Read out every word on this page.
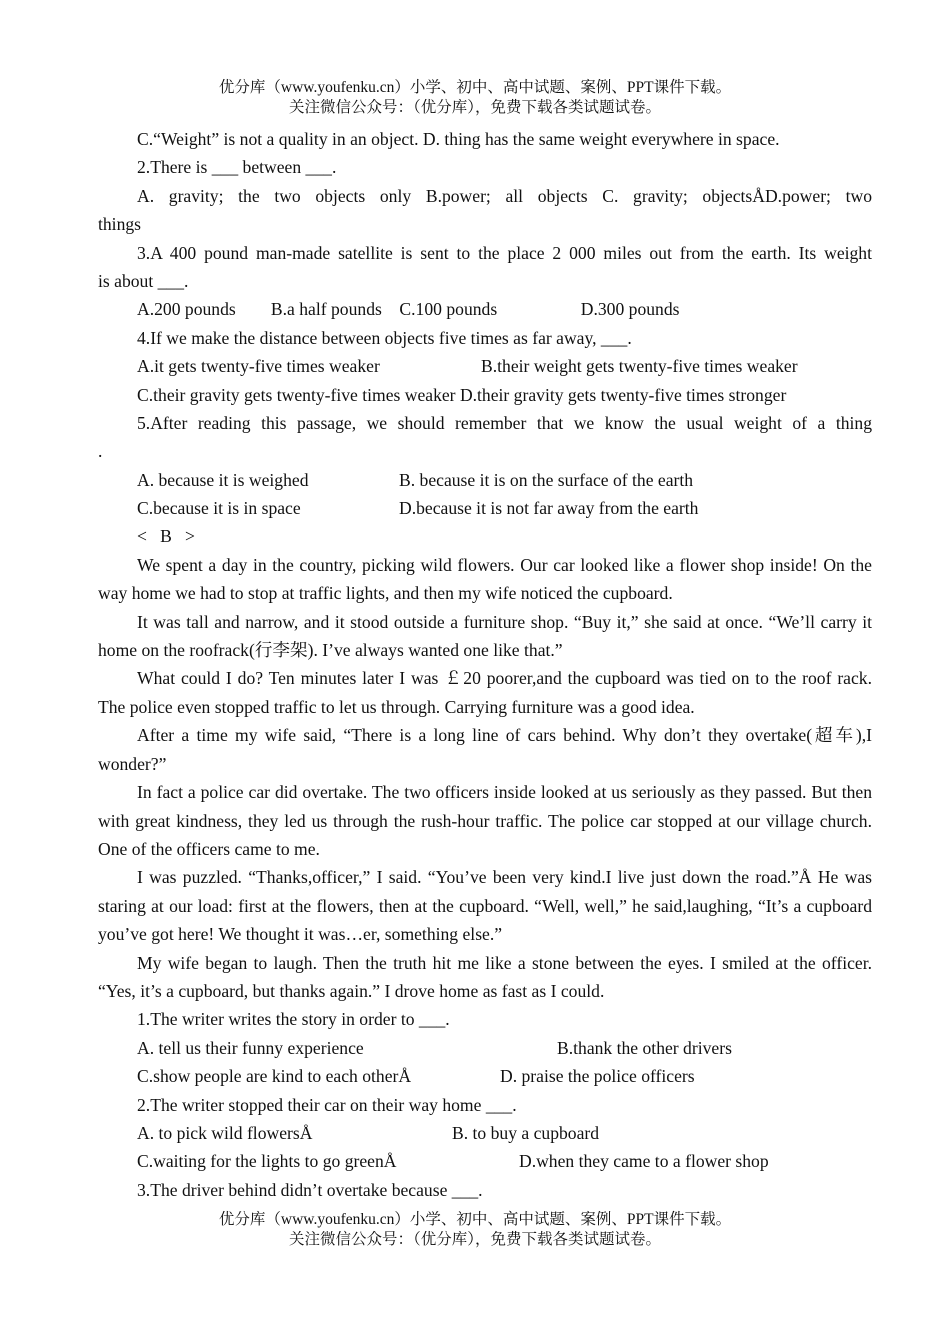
优分库（www.youfenku.cn）小学、初中、高中试题、案例、PPT课件下载。
关注微信公众号：（优分库），免费下载各类试题试卷。
C.“Weight” is not a quality in an object. D. thing has the same weight everywhere in space.
2.There is ___ between ___.
A. gravity; the two objects only B.power; all objects C. gravity; objectsÅD.power; two
things
3.A 400 pound man-made satellite is sent to the place 2 000 miles out from the earth. Its weight
is about ___.
A.200 pounds        B.a half pounds    C.100 pounds                   D.300 pounds
4.If we make the distance between objects five times as far away, ___.
A.it gets twenty-five times weaker	B.their weight gets twenty-five times weaker
C.their gravity gets twenty-five times weaker D.their gravity gets twenty-five times stronger
5.After reading this passage, we should remember that we know the usual weight of a thing
.
A. because it is weighed	B. because it is on the surface of the earth
C.because it is in space	D.because it is not far away from the earth
<   B   >
We spent a day in the country, picking wild flowers. Our car looked like a flower shop inside! On the way home we had to stop at traffic lights, and then my wife noticed the cupboard.
It was tall and narrow, and it stood outside a furniture shop. “Buy it,” she said at once. “We’ll carry it home on the roofrack(行李架). I’ve always wanted one like that.”
What could I do? Ten minutes later I was ￡20 poorer,and the cupboard was tied on to the roof rack. The police even stopped traffic to let us through. Carrying furniture was a good idea.
After a time my wife said, “There is a long line of cars behind. Why don’t they overtake(超车),I wonder?”
In fact a police car did overtake. The two officers inside looked at us seriously as they passed. But then with great kindness, they led us through the rush-hour traffic. The police car stopped at our village church. One of the officers came to me.
I was puzzled. “Thanks,officer,” I said. “You’ve been very kind.I live just down the road.”Å He was staring at our load: first at the flowers, then at the cupboard. “Well, well,” he said,laughing, “It’s a cupboard you’ve got here! We thought it was…er, something else.”
My wife began to laugh. Then the truth hit me like a stone between the eyes. I smiled at the officer. “Yes, it’s a cupboard, but thanks again.” I drove home as fast as I could.
1.The writer writes the story in order to ___.
A. tell us their funny experience	B.thank the other drivers
C.show people are kind to each otherÅ	D. praise the police officers
2.The writer stopped their car on their way home ___.
A. to pick wild flowersÅ	B. to buy a cupboard
C.waiting for the lights to go greenÅ	D.when they came to a flower shop
3.The driver behind didn’t overtake because ___.
优分库（www.youfenku.cn）小学、初中、高中试题、案例、PPT课件下载。
关注微信公众号：（优分库），免费下载各类试题试卷。
